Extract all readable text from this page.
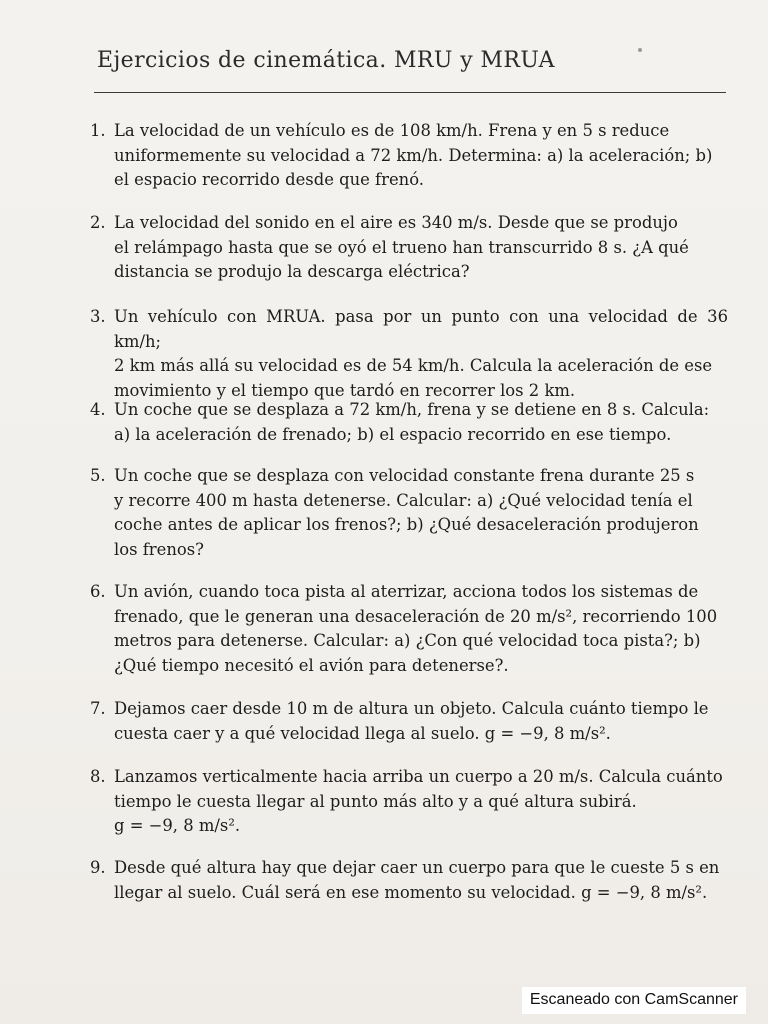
Ejercicios de cinemática. MRU y MRUA
1. La velocidad de un vehículo es de 108 km/h. Frena y en 5 s reduce
uniformemente su velocidad a 72 km/h. Determina: a) la aceleración; b)
el espacio recorrido desde que frenó.
2. La velocidad del sonido en el aire es 340 m/s. Desde que se produjo
el relámpago hasta que se oyó el trueno han transcurrido 8 s. ¿A qué
distancia se produjo la descarga eléctrica?
3. Un vehículo con MRUA. pasa por un punto con una velocidad de 36 km/h;
2 km más allá su velocidad es de 54 km/h. Calcula la aceleración de ese
movimiento y el tiempo que tardó en recorrer los 2 km.
4. Un coche que se desplaza a 72 km/h, frena y se detiene en 8 s. Calcula:
a) la aceleración de frenado; b) el espacio recorrido en ese tiempo.
5. Un coche que se desplaza con velocidad constante frena durante 25 s
y recorre 400 m hasta detenerse. Calcular: a) ¿Qué velocidad tenía el
coche antes de aplicar los frenos?; b) ¿Qué desaceleración produjeron
los frenos?
6. Un avión, cuando toca pista al aterrizar, acciona todos los sistemas de
frenado, que le generan una desaceleración de 20 m/s², recorriendo 100
metros para detenerse. Calcular: a) ¿Con qué velocidad toca pista?; b)
¿Qué tiempo necesitó el avión para detenerse?.
7. Dejamos caer desde 10 m de altura un objeto. Calcula cuánto tiempo le
cuesta caer y a qué velocidad llega al suelo. g = −9, 8 m/s².
8. Lanzamos verticalmente hacia arriba un cuerpo a 20 m/s. Calcula cuánto
tiempo le cuesta llegar al punto más alto y a qué altura subirá.
g = −9, 8 m/s².
9. Desde qué altura hay que dejar caer un cuerpo para que le cueste 5 s en
llegar al suelo. Cuál será en ese momento su velocidad. g = −9, 8 m/s².
Escaneado con CamScanner
